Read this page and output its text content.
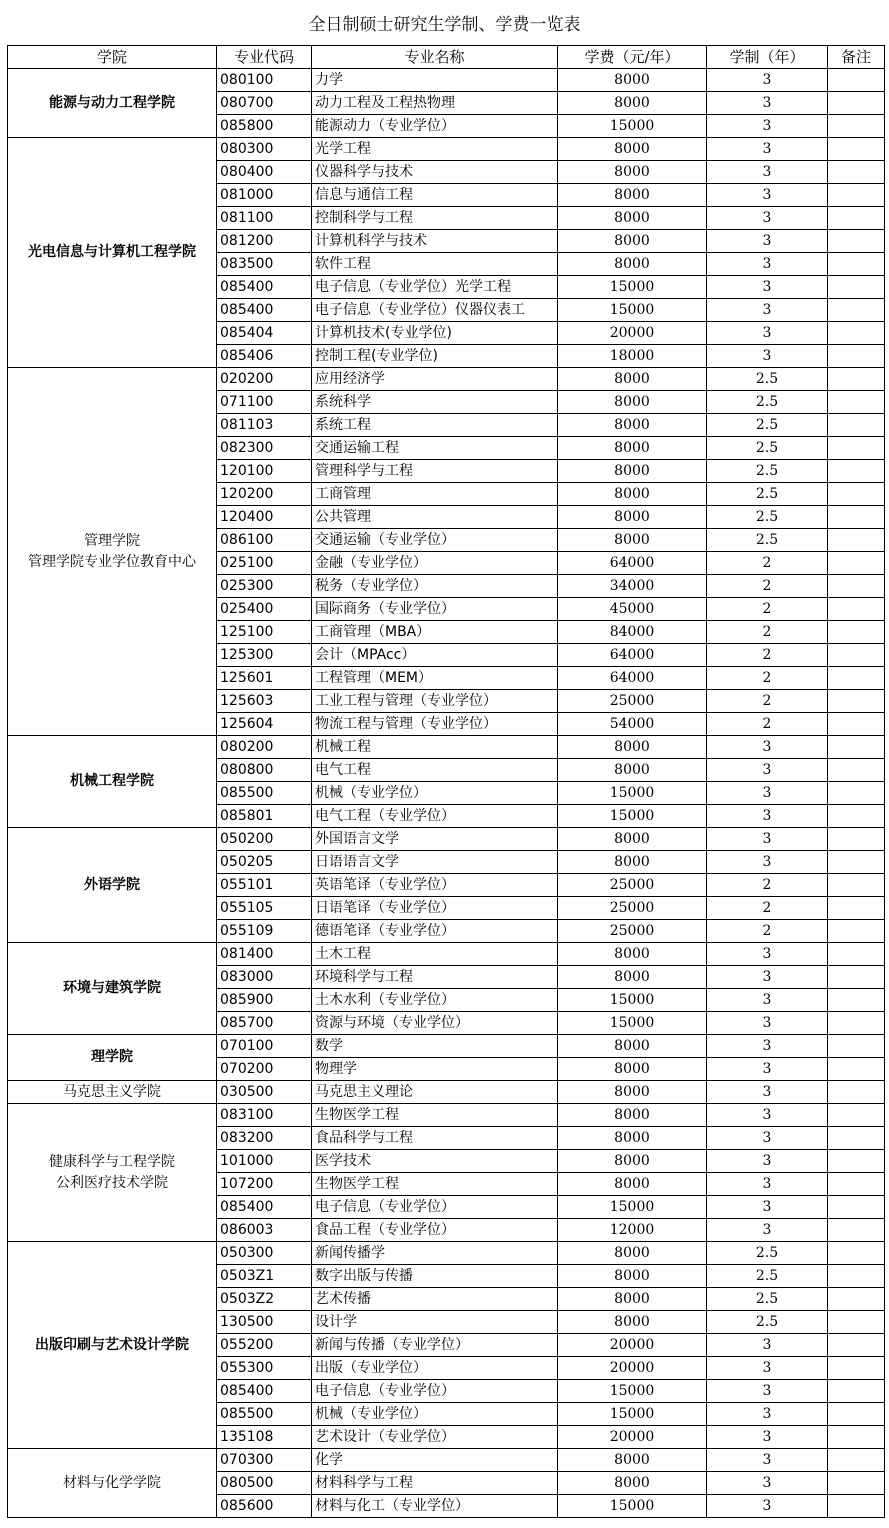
全日制硕士研究生学制、学费一览表
学院	专业代码	专业名称	学费（元/年）	学制（年）	备注

能源与动力工程学院	080100	力学	8000	3	
	080700	动力工程及工程热物理	8000	3	
	085800	能源动力（专业学位）	15000	3	

光电信息与计算机工程学院	080300	光学工程	8000	3	
	080400	仪器科学与技术	8000	3	
	081000	信息与通信工程	8000	3	
	081100	控制科学与工程	8000	3	
	081200	计算机科学与技术	8000	3	
	083500	软件工程	8000	3	
	085400	电子信息（专业学位）光学工程	15000	3	
	085400	电子信息（专业学位）仪器仪表工	15000	3	
	085404	计算机技术(专业学位)	20000	3	
	085406	控制工程(专业学位)	18000	3	

管理学院
管理学院专业学位教育中心	020200	应用经济学	8000	2.5	
	071100	系统科学	8000	2.5	
	081103	系统工程	8000	2.5	
	082300	交通运输工程	8000	2.5	
	120100	管理科学与工程	8000	2.5	
	120200	工商管理	8000	2.5	
	120400	公共管理	8000	2.5	
	086100	交通运输（专业学位）	8000	2.5	
	025100	金融（专业学位）	64000	2	
	025300	税务（专业学位）	34000	2	
	025400	国际商务（专业学位）	45000	2	
	125100	工商管理（MBA）	84000	2	
	125300	会计（MPAcc）	64000	2	
	125601	工程管理（MEM）	64000	2	
	125603	工业工程与管理（专业学位）	25000	2	
	125604	物流工程与管理（专业学位）	54000	2	

机械工程学院	080200	机械工程	8000	3	
	080800	电气工程	8000	3	
	085500	机械（专业学位）	15000	3	
	085801	电气工程（专业学位）	15000	3	

外语学院	050200	外国语言文学	8000	3	
	050205	日语语言文学	8000	3	
	055101	英语笔译（专业学位）	25000	2	
	055105	日语笔译（专业学位）	25000	2	
	055109	德语笔译（专业学位）	25000	2	

环境与建筑学院	081400	土木工程	8000	3	
	083000	环境科学与工程	8000	3	
	085900	土木水利（专业学位）	15000	3	
	085700	资源与环境（专业学位）	15000	3	

理学院	070100	数学	8000	3	
	070200	物理学	8000	3	

马克思主义学院	030500	马克思主义理论	8000	3	

健康科学与工程学院
公利医疗技术学院	083100	生物医学工程	8000	3	
	083200	食品科学与工程	8000	3	
	101000	医学技术	8000	3	
	107200	生物医学工程	8000	3	
	085400	电子信息（专业学位）	15000	3	
	086003	食品工程（专业学位）	12000	3	

出版印刷与艺术设计学院	050300	新闻传播学	8000	2.5	
	0503Z1	数字出版与传播	8000	2.5	
	0503Z2	艺术传播	8000	2.5	
	130500	设计学	8000	2.5	
	055200	新闻与传播（专业学位）	20000	3	
	055300	出版（专业学位）	20000	3	
	085400	电子信息（专业学位）	15000	3	
	085500	机械（专业学位）	15000	3	
	135108	艺术设计（专业学位）	20000	3	

材料与化学学院	070300	化学	8000	3	
	080500	材料科学与工程	8000	3	
	085600	材料与化工（专业学位）	15000	3	
